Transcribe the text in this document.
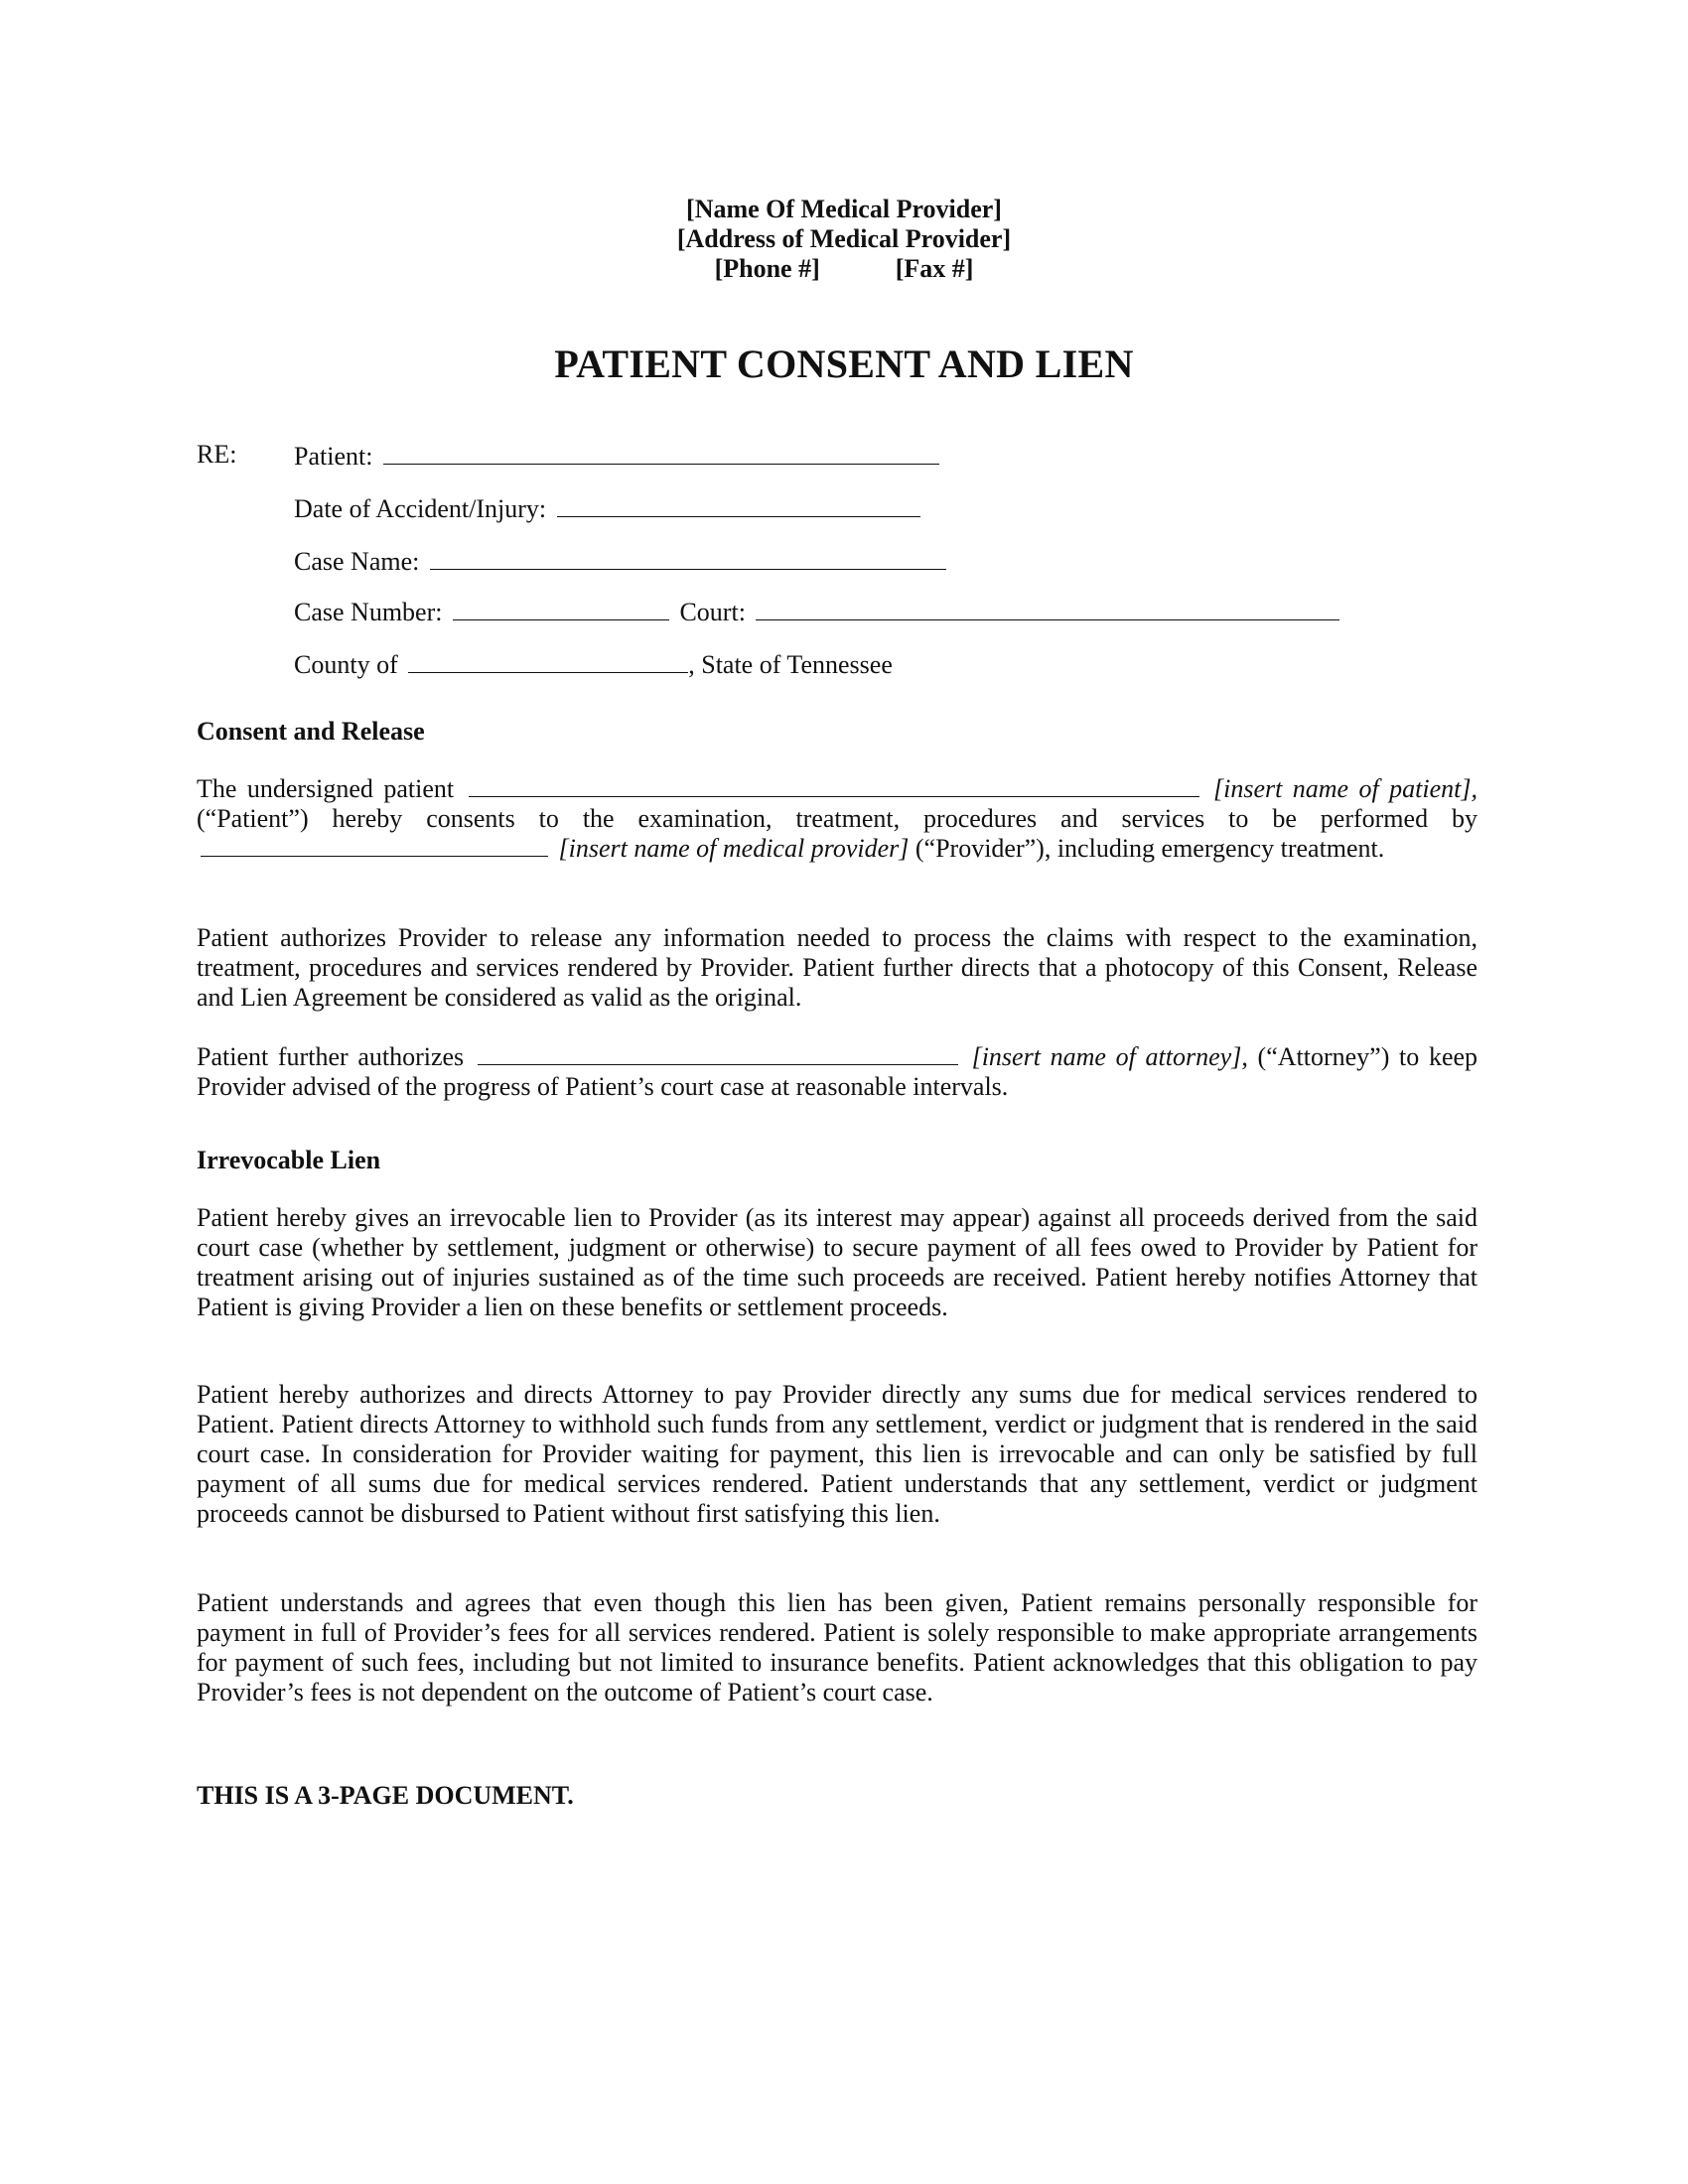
[Name Of Medical Provider]
[Address of Medical Provider]
[Phone #]	[Fax #]
PATIENT CONSENT AND LIEN
RE: Patient:
Date of Accident/Injury:
Case Name:
Case Number:	Court:
County of	, State of Tennessee
Consent and Release
The undersigned patient	[insert name of patient], (“Patient”) hereby consents to the examination, treatment, procedures and services to be performed by  [insert name of medical provider] (“Provider”), including emergency treatment.
Patient authorizes Provider to release any information needed to process the claims with respect to the examination, treatment, procedures and services rendered by Provider. Patient further directs that a photocopy of this Consent, Release and Lien Agreement be considered as valid as the original.
Patient further authorizes	[insert name of attorney], (“Attorney”) to keep Provider advised of the progress of Patient’s court case at reasonable intervals.
Irrevocable Lien
Patient hereby gives an irrevocable lien to Provider (as its interest may appear) against all proceeds derived from the said court case (whether by settlement, judgment or otherwise) to secure payment of all fees owed to Provider by Patient for treatment arising out of injuries sustained as of the time such proceeds are received. Patient hereby notifies Attorney that Patient is giving Provider a lien on these benefits or settlement proceeds.
Patient hereby authorizes and directs Attorney to pay Provider directly any sums due for medical services rendered to Patient. Patient directs Attorney to withhold such funds from any settlement, verdict or judgment that is rendered in the said court case. In consideration for Provider waiting for payment, this lien is irrevocable and can only be satisfied by full payment of all sums due for medical services rendered. Patient understands that any settlement, verdict or judgment proceeds cannot be disbursed to Patient without first satisfying this lien.
Patient understands and agrees that even though this lien has been given, Patient remains personally responsible for payment in full of Provider’s fees for all services rendered. Patient is solely responsible to make appropriate arrangements for payment of such fees, including but not limited to insurance benefits. Patient acknowledges that this obligation to pay Provider’s fees is not dependent on the outcome of Patient’s court case.
THIS IS A 3-PAGE DOCUMENT.
